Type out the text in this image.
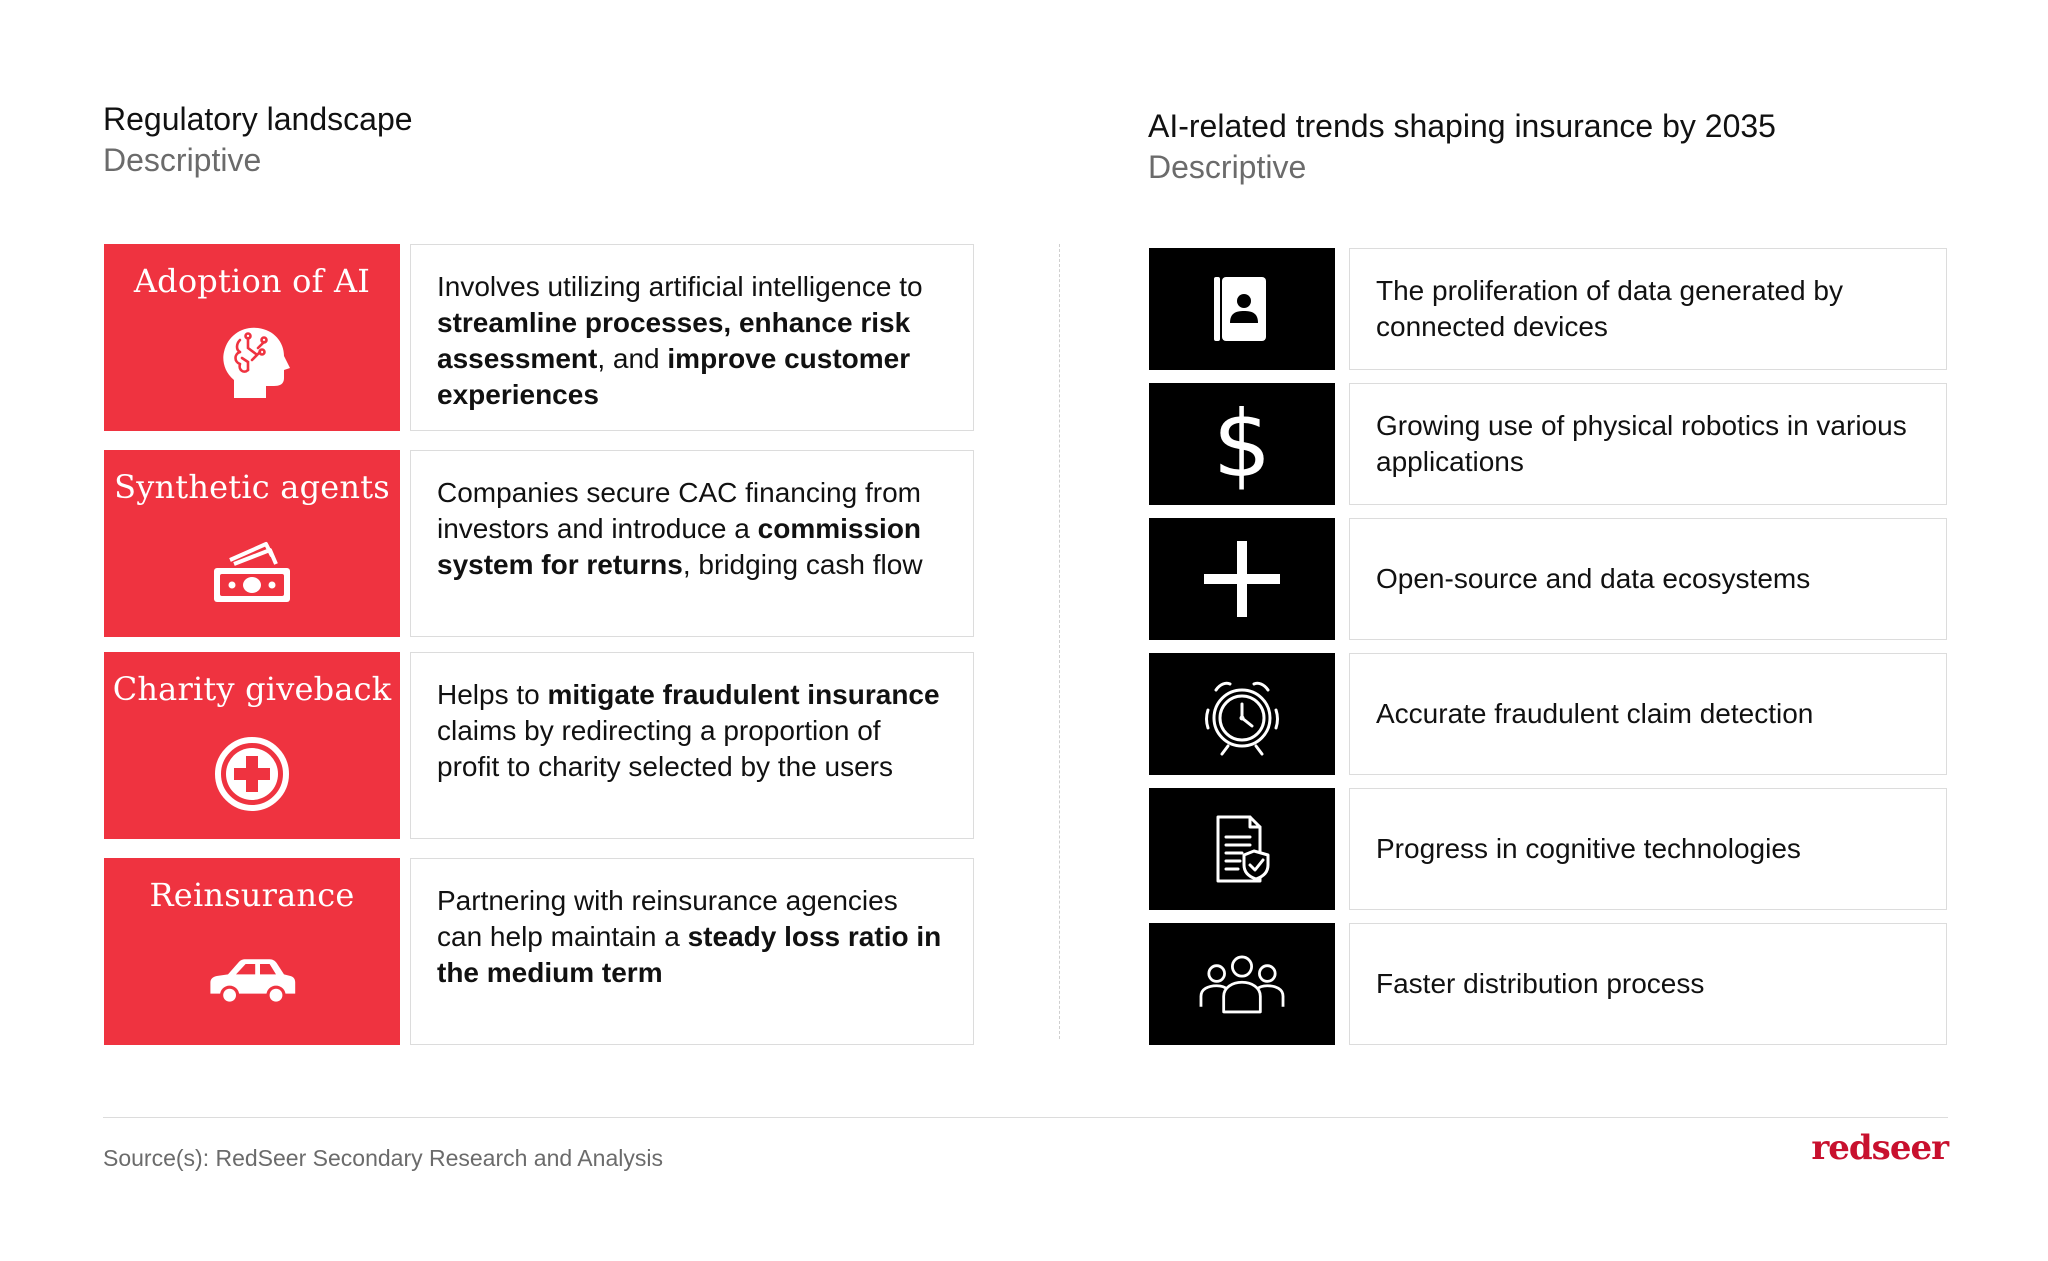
Regulatory landscape
Descriptive
AI-related trends shaping insurance by 2035
Descriptive
Adoption of AI	Involves utilizing artificial intelligence to streamline processes, enhance risk assessment, and improve customer experiences
Synthetic agents	Companies secure CAC financing from investors and introduce a commission system for returns, bridging cash flow
Charity giveback	Helps to mitigate fraudulent insurance claims by redirecting a proportion of profit to charity selected by the users
Reinsurance	Partnering with reinsurance agencies can help maintain a steady loss ratio in the medium term
The proliferation of data generated by connected devices
$	Growing use of physical robotics in various applications
Open-source and data ecosystems
Accurate fraudulent claim detection
Progress in cognitive technologies
Faster distribution process
Source(s): RedSeer Secondary Research and Analysis	redseer
